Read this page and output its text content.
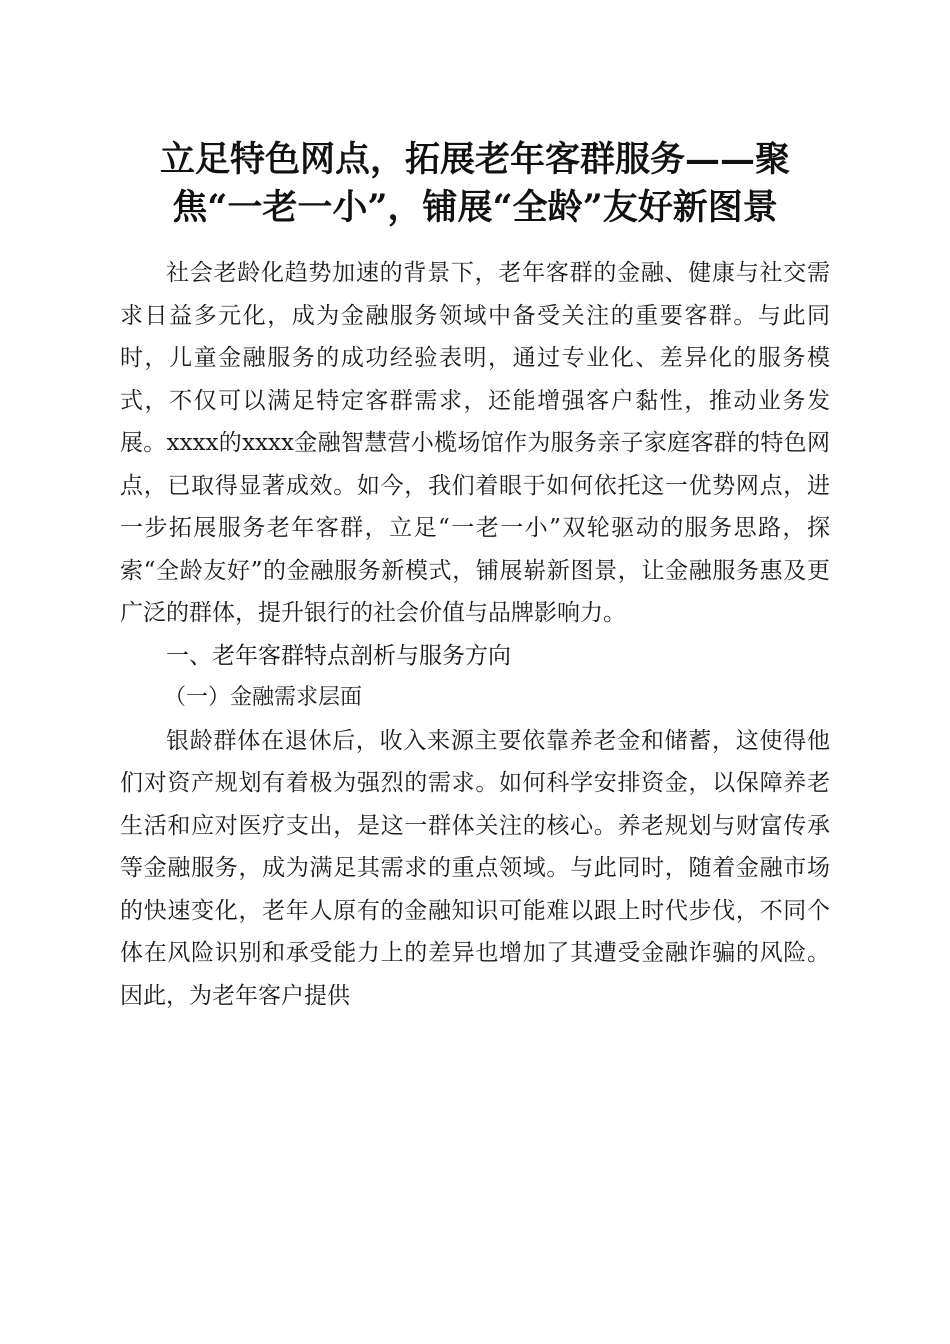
立足特色网点，拓展老年客群服务——聚焦“一老一小”，铺展“全龄”友好新图景

社会老龄化趋势加速的背景下，老年客群的金融、健康与社交需求日益多元化，成为金融服务领域中备受关注的重要客群。与此同时，儿童金融服务的成功经验表明，通过专业化、差异化的服务模式，不仅可以满足特定客群需求，还能增强客户黏性，推动业务发展。xxxx的xxxx金融智慧营小榄场馆作为服务亲子家庭客群的特色网点，已取得显著成效。如今，我们着眼于如何依托这一优势网点，进一步拓展服务老年客群，立足“一老一小”双轮驱动的服务思路，探索“全龄友好”的金融服务新模式，铺展崭新图景，让金融服务惠及更广泛的群体，提升银行的社会价值与品牌影响力。

一、老年客群特点剖析与服务方向

（一）金融需求层面

银龄群体在退休后，收入来源主要依靠养老金和储蓄，这使得他们对资产规划有着极为强烈的需求。如何科学安排资金，以保障养老生活和应对医疗支出，是这一群体关注的核心。养老规划与财富传承等金融服务，成为满足其需求的重点领域。与此同时，随着金融市场的快速变化，老年人原有的金融知识可能难以跟上时代步伐，不同个体在风险识别和承受能力上的差异也增加了其遭受金融诈骗的风险。因此，为老年客户提供
